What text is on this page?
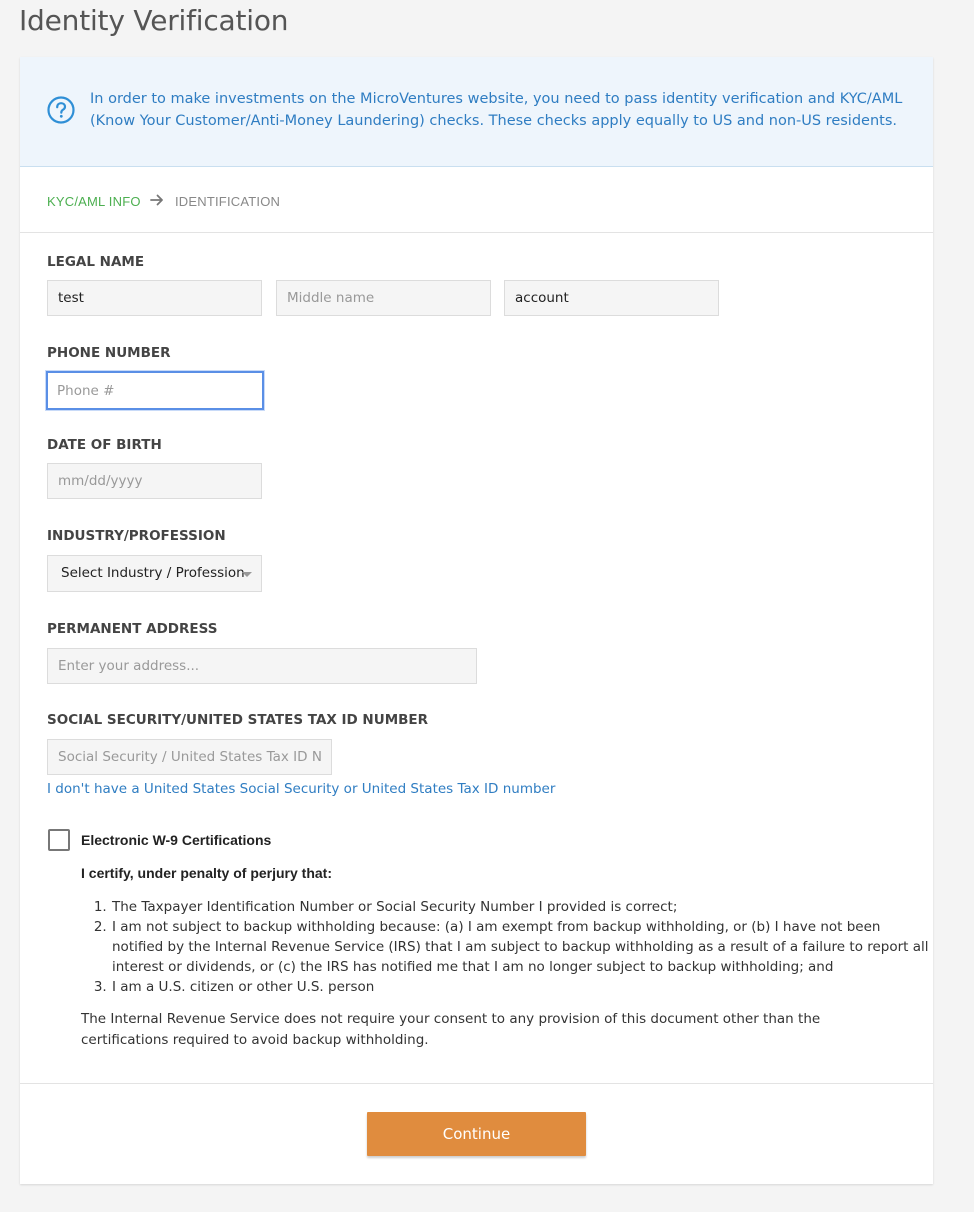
Identity Verification
In order to make investments on the MicroVentures website, you need to pass identity verification and KYC/AML (Know Your Customer/Anti-Money Laundering) checks. These checks apply equally to US and non-US residents.
KYC/AML INFO	IDENTIFICATION
LEGAL NAME
test
Middle name
account
PHONE NUMBER
Phone #
DATE OF BIRTH
mm/dd/yyyy
INDUSTRY/PROFESSION
Select Industry / Profession
PERMANENT ADDRESS
Enter your address...
SOCIAL SECURITY/UNITED STATES TAX ID NUMBER
Social Security / United States Tax ID Number
I don't have a United States Social Security or United States Tax ID number
Electronic W-9 Certifications
I certify, under penalty of perjury that:
1. The Taxpayer Identification Number or Social Security Number I provided is correct;
2. I am not subject to backup withholding because: (a) I am exempt from backup withholding, or (b) I have not been notified by the Internal Revenue Service (IRS) that I am subject to backup withholding as a result of a failure to report all interest or dividends, or (c) the IRS has notified me that I am no longer subject to backup withholding; and
3. I am a U.S. citizen or other U.S. person
The Internal Revenue Service does not require your consent to any provision of this document other than the certifications required to avoid backup withholding.
Continue
